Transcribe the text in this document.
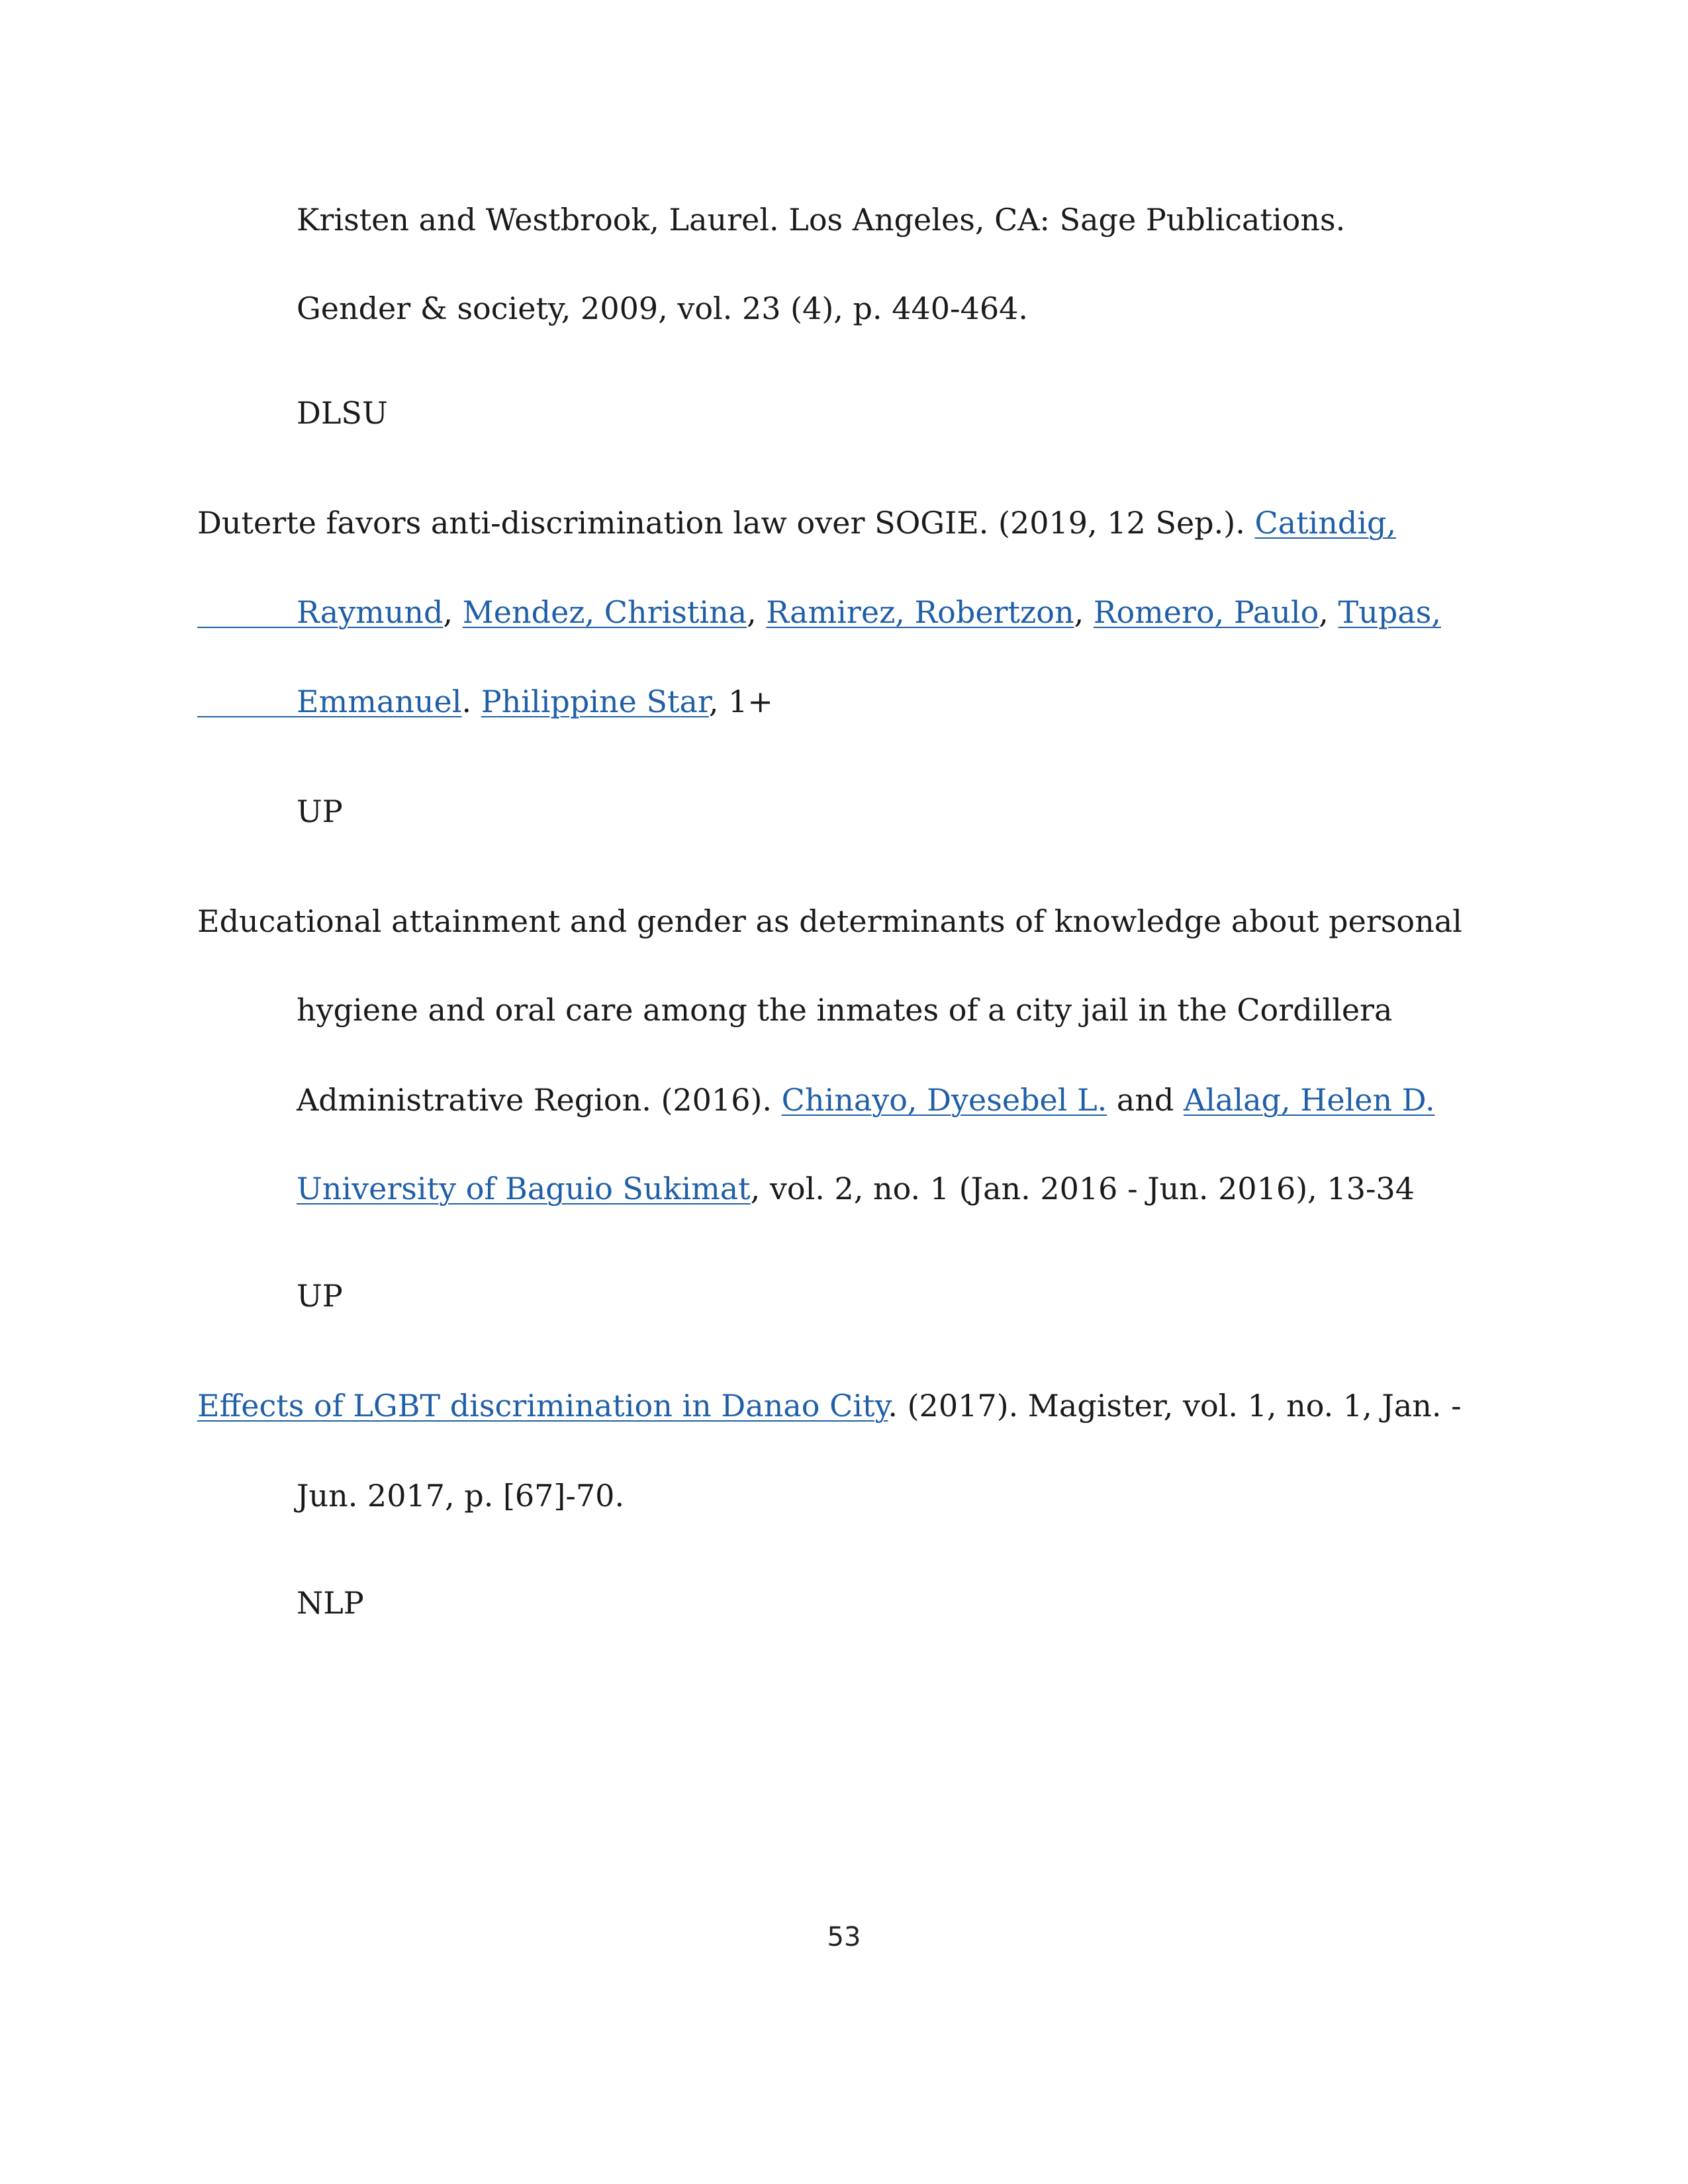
Kristen and Westbrook, Laurel. Los Angeles, CA: Sage Publications.
Gender & society, 2009, vol. 23 (4), p. 440-464.
DLSU
Duterte favors anti-discrimination law over SOGIE. (2019, 12 Sep.). Catindig,
Raymund, Mendez, Christina, Ramirez, Robertzon, Romero, Paulo, Tupas,
Emmanuel. Philippine Star, 1+
UP
Educational attainment and gender as determinants of knowledge about personal
hygiene and oral care among the inmates of a city jail in the Cordillera
Administrative Region. (2016). Chinayo, Dyesebel L. and Alalag, Helen D.
University of Baguio Sukimat, vol. 2, no. 1 (Jan. 2016 - Jun. 2016), 13-34
UP
Effects of LGBT discrimination in Danao City. (2017). Magister, vol. 1, no. 1, Jan. -
Jun. 2017, p. [67]-70.
NLP
53
